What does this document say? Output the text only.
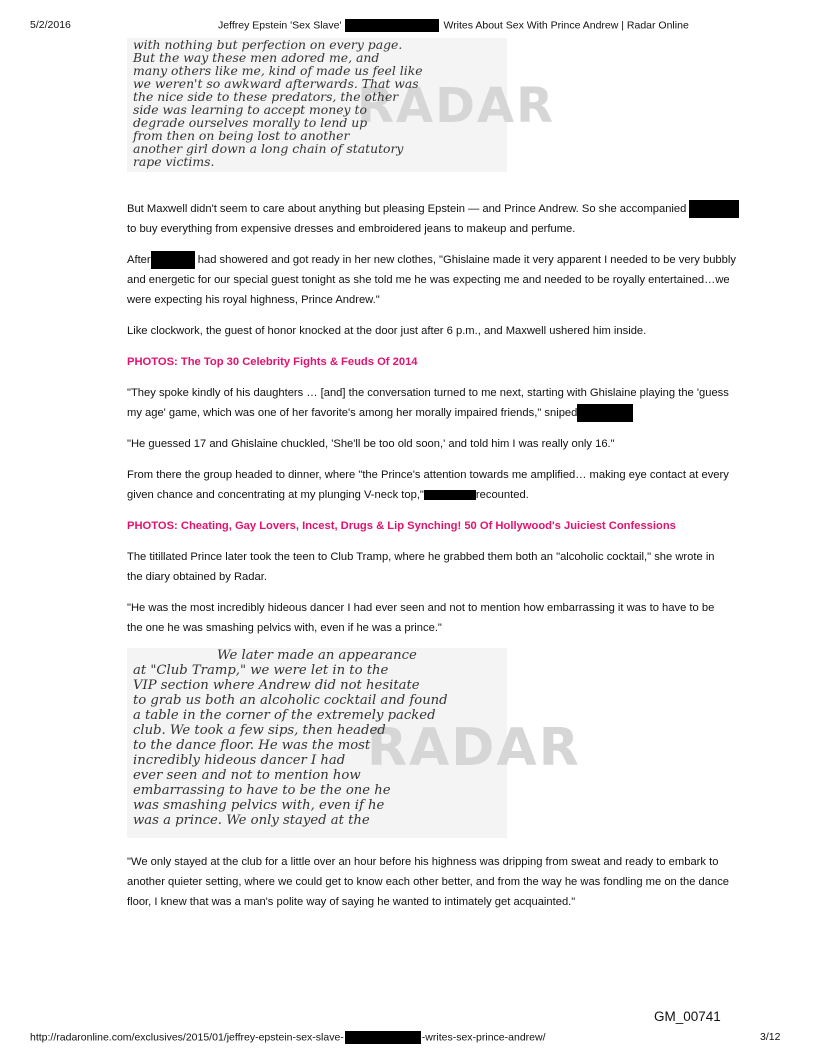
5/2/2016	Jeffrey Epstein 'Sex Slave'	Writes About Sex With Prince Andrew | Radar Online
RADAR
with nothing but perfection on every page.
But the way these men adored me, and
many others like me, kind of made us feel like
we weren't so awkward afterwards. That was
the nice side to these predators, the other
side was learning to accept money to
degrade ourselves morally to lend up
from then on being lost to another
another girl down a long chain of statutory
rape victims.

But Maxwell didn't seem to care about anything but pleasing Epstein — and Prince Andrew. So she accompanied
to buy everything from expensive dresses and embroidered jeans to makeup and perfume.

After	had showered and got ready in her new clothes, "Ghislaine made it very apparent I needed to be very bubbly
and energetic for our special guest tonight as she told me he was expecting me and needed to be royally entertained…we
were expecting his royal highness, Prince Andrew."

Like clockwork, the guest of honor knocked at the door just after 6 p.m., and Maxwell ushered him inside.

PHOTOS: The Top 30 Celebrity Fights & Feuds Of 2014

"They spoke kindly of his daughters … [and] the conversation turned to me next, starting with Ghislaine playing the 'guess
my age' game, which was one of her favorite's among her morally impaired friends," sniped

"He guessed 17 and Ghislaine chuckled, 'She'll be too old soon,' and told him I was really only 16."

From there the group headed to dinner, where "the Prince's attention towards me amplified… making eye contact at every
given chance and concentrating at my plunging V-neck top,"	recounted.

PHOTOS: Cheating, Gay Lovers, Incest, Drugs & Lip Synching! 50 Of Hollywood's Juiciest Confessions

The titillated Prince later took the teen to Club Tramp, where he grabbed them both an "alcoholic cocktail," she wrote in
the diary obtained by Radar.

"He was the most incredibly hideous dancer I had ever seen and not to mention how embarrassing it was to have to be
the one he was smashing pelvics with, even if he was a prince."

"We only stayed at the club for a little over an hour before his highness was dripping from sweat and ready to embark to
another quieter setting, where we could get to know each other better, and from the way he was fondling me on the dance
floor, I knew that was a man's polite way of saying he wanted to intimately get acquainted."

RADAR
We later made an appearance
at "Club Tramp," we were let in to the
VIP section where Andrew did not hesitate
to grab us both an alcoholic cocktail and found
a table in the corner of the extremely packed
club. We took a few sips, then headed
to the dance floor. He was the most
incredibly hideous dancer I had
ever seen and not to mention how
embarrassing to have to be the one he
was smashing pelvics with, even if he
was a prince. We only stayed at the
GM_00741
http://radaronline.com/exclusives/2015/01/jeffrey-epstein-sex-slave-	-writes-sex-prince-andrew/	3/12
